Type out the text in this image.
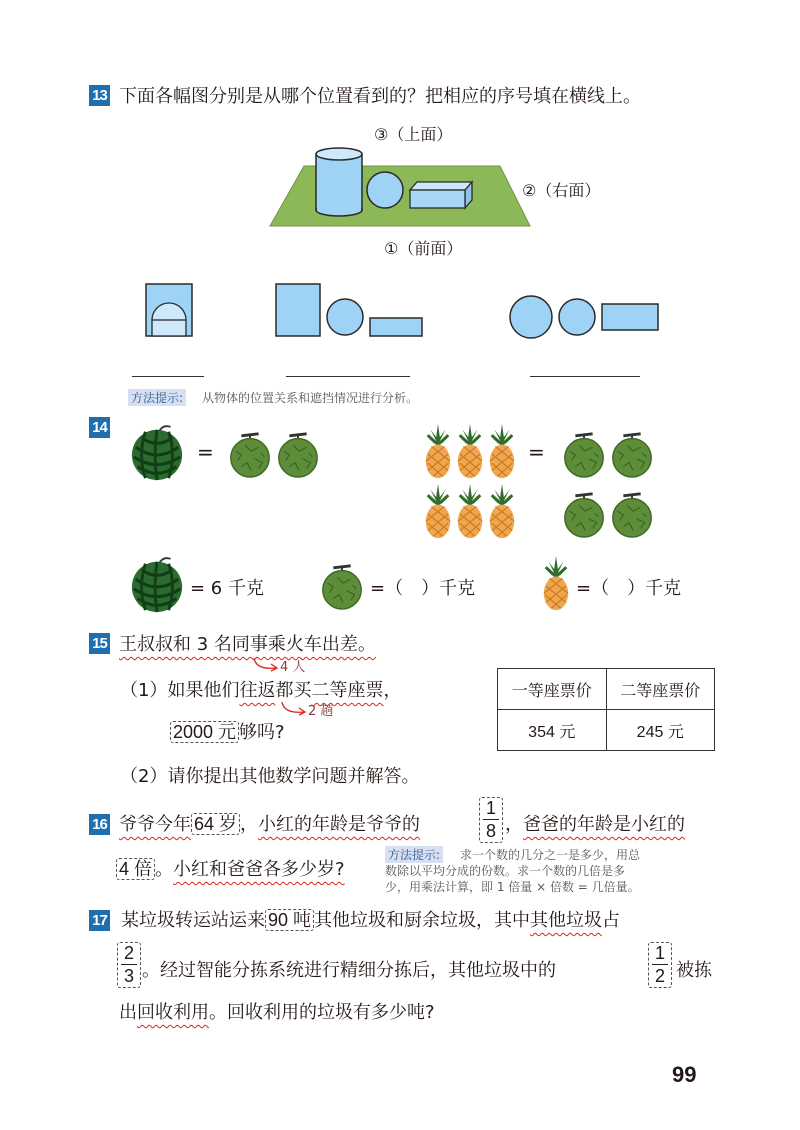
13 下面各幅图分别是从哪个位置看到的？把相应的序号填在横线上。
③（上面）
②（右面）
①（前面）
方法提示: 从物体的位置关系和遮挡情况进行分析。
14
=	=
= 6 千克	=（　）千克	=（　）千克
15 王叔叔和 3 名同事乘火车出差。
4 人
（1）如果他们往返都买二等座票，
2 趟
2000 元 够吗?
一等座票价	二等座票价
354 元	245 元
（2）请你提出其他数学问题并解答。
16 爷爷今年 64 岁 ，小红的年龄是爷爷的
1
8 ，爸爸的年龄是小红的
4 倍 。小红和爸爸各多少岁?
方法提示: 求一个数的几分之一是多少，用总
数除以平均分成的份数。求一个数的几倍是多
少，用乘法计算，即 1 倍量 × 倍数 = 几倍量。
17 某垃圾转运站运来 90 吨 其他垃圾和厨余垃圾，其中其他垃圾占
2
3 。经过智能分拣系统进行精细分拣后，其他垃圾中的
1
2 被拣
出回收利用。回收利用的垃圾有多少吨?
99
